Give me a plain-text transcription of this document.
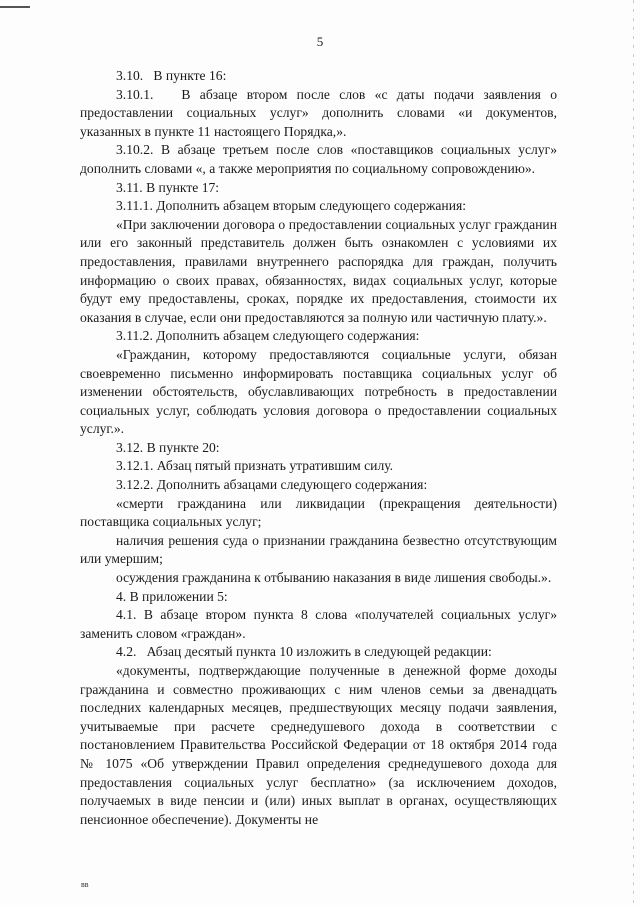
5

3.10.   В пункте 16:

3.10.1.   В абзаце втором после слов «с даты подачи заявления о предоставлении социальных услуг» дополнить словами «и документов, указанных в пункте 11 настоящего Порядка,».

3.10.2. В абзаце третьем после слов «поставщиков социальных услуг» дополнить словами «, а также мероприятия по социальному сопровождению».

3.11. В пункте 17:

3.11.1. Дополнить абзацем вторым следующего содержания:

«При заключении договора о предоставлении социальных услуг гражданин или его законный представитель должен быть ознакомлен с условиями их предоставления, правилами внутреннего распорядка для граждан, получить информацию о своих правах, обязанностях, видах социальных услуг, которые будут ему предоставлены, сроках, порядке их предоставления, стоимости их оказания в случае, если они предоставляются за полную или частичную плату.».

3.11.2. Дополнить абзацем следующего содержания:

«Гражданин, которому предоставляются социальные услуги, обязан своевременно письменно информировать поставщика социальных услуг об изменении обстоятельств, обуславливающих потребность в предоставлении социальных услуг, соблюдать условия договора о предоставлении социальных услуг.».

3.12. В пункте 20:

3.12.1. Абзац пятый признать утратившим силу.

3.12.2. Дополнить абзацами следующего содержания:

«смерти гражданина или ликвидации (прекращения деятельности) поставщика социальных услуг;

наличия решения суда о признании гражданина безвестно отсутствующим или умершим;

осуждения гражданина к отбыванию наказания в виде лишения свободы.».

4. В приложении 5:

4.1. В абзаце втором пункта 8 слова «получателей социальных услуг» заменить словом «граждан».

4.2.   Абзац десятый пункта 10 изложить в следующей редакции:

«документы, подтверждающие полученные в денежной форме доходы гражданина и совместно проживающих с ним членов семьи за двенадцать последних календарных месяцев, предшествующих месяцу подачи заявления, учитываемые при расчете среднедушевого дохода в соответствии с постановлением Правительства Российской Федерации от 18 октября 2014 года № 1075 «Об утверждении Правил определения среднедушевого дохода для предоставления социальных услуг бесплатно» (за исключением доходов, получаемых в виде пенсии и (или) иных выплат в органах, осуществляющих пенсионное обеспечение). Документы не

вв
